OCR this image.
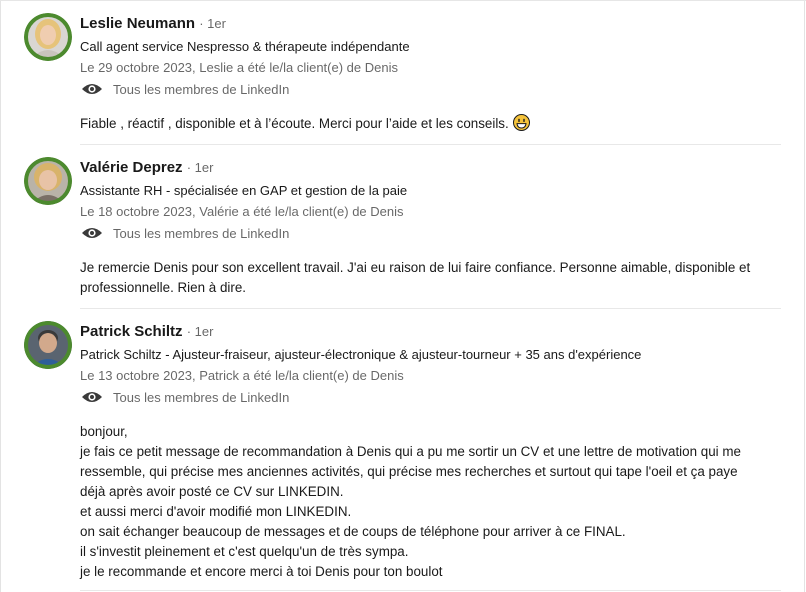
Leslie Neumann · 1er
Call agent service Nespresso & thérapeute indépendante
Le 29 octobre 2023, Leslie a été le/la client(e) de Denis
Tous les membres de LinkedIn

Fiable , réactif , disponible et à l’écoute. Merci pour l’aide et les conseils.

Valérie Deprez · 1er
Assistante RH - spécialisée en GAP et gestion de la paie
Le 18 octobre 2023, Valérie a été le/la client(e) de Denis
Tous les membres de LinkedIn

Je remercie Denis pour son excellent travail. J'ai eu raison de lui faire confiance. Personne aimable, disponible et

professionnelle. Rien à dire.

Patrick Schiltz · 1er
Patrick Schiltz - Ajusteur-fraiseur, ajusteur-électronique & ajusteur-tourneur + 35 ans d'expérience
Le 13 octobre 2023, Patrick a été le/la client(e) de Denis
Tous les membres de LinkedIn

bonjour,

je fais ce petit message de recommandation à Denis qui a pu me sortir un CV et une lettre de motivation qui me

ressemble, qui précise mes anciennes activités, qui précise mes recherches et surtout qui tape l'oeil et ça paye

déjà après avoir posté ce CV sur LINKEDIN.

et aussi merci d'avoir modifié mon LINKEDIN.

on sait échanger beaucoup de messages et de coups de téléphone pour arriver à ce FINAL.

il s'investit pleinement et c'est quelqu'un de très sympa.

je le recommande et encore merci à toi Denis pour ton boulot
